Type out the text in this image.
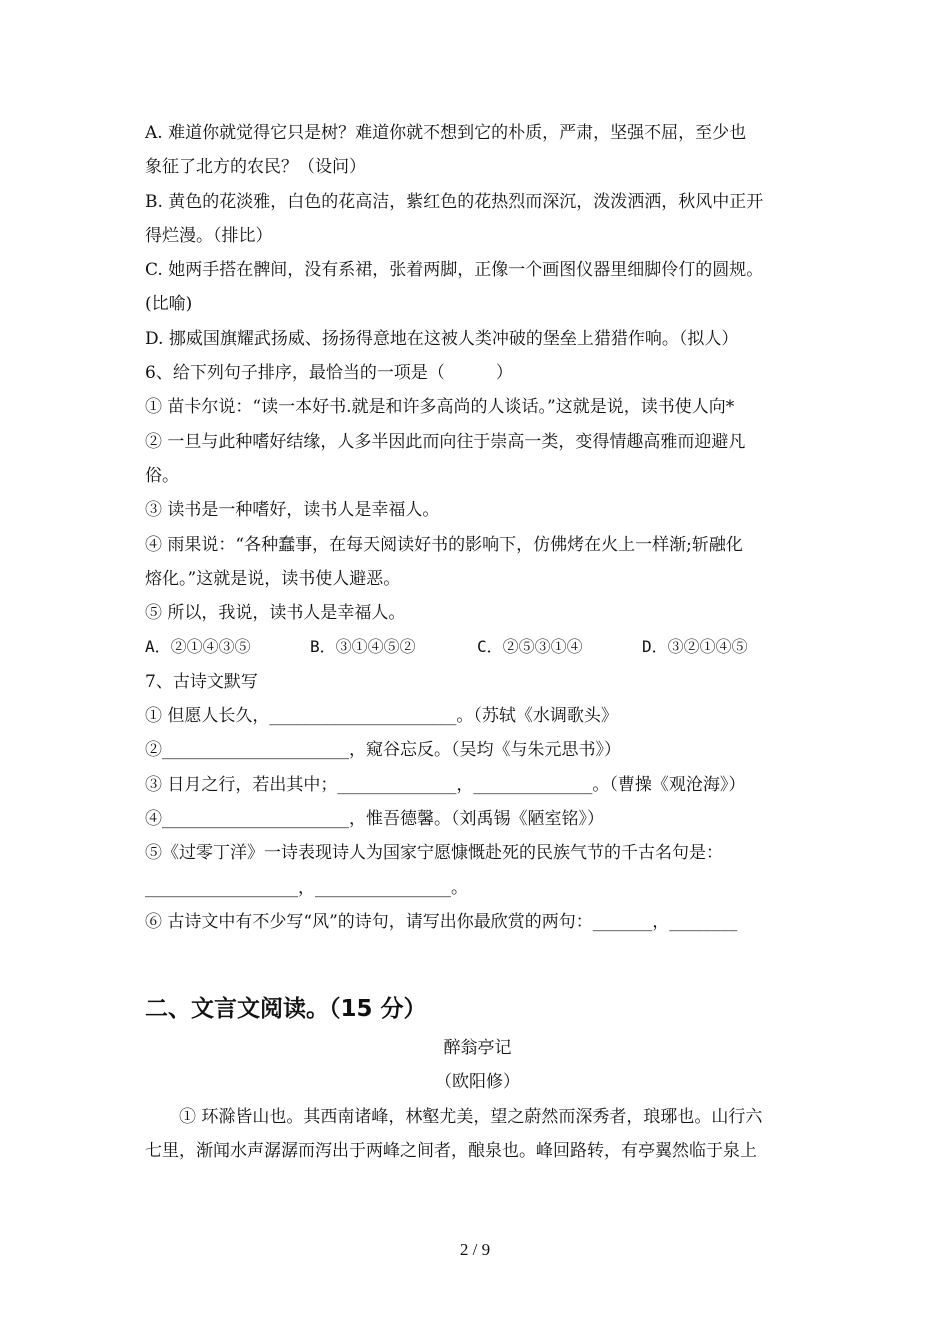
A. 难道你就觉得它只是树？难道你就不想到它的朴质，严肃，坚强不屈，至少也
象征了北方的农民？（设问）
B. 黄色的花淡雅，白色的花高洁，紫红色的花热烈而深沉，泼泼洒洒，秋风中正开
得烂漫。（排比）
C. 她两手搭在髀间，没有系裙，张着两脚，正像一个画图仪器里细脚伶仃的圆规。
(比喻)
D. 挪威国旗耀武扬威、扬扬得意地在这被人类冲破的堡垒上猎猎作响。（拟人）
6、给下列句子排序，最恰当的一项是（　　　）
① 苗卡尔说：“读一本好书.就是和许多高尚的人谈话。”这就是说，读书使人向*
② 一旦与此种嗜好结缘，人多半因此而向往于崇高一类，变得情趣高雅而迎避凡
俗。
③ 读书是一种嗜好，读书人是幸福人。
④ 雨果说：“各种蠢事，在每天阅读好书的影响下，仿佛烤在火上一样渐;斩融化
熔化。”这就是说，读书使人避恶。
⑤ 所以，我说，读书人是幸福人。
A．②①④③⑤	B．③①④⑤②	C．②⑤③①④	D．③②①④⑤
7、古诗文默写
① 但愿人长久，______________________。（苏轼《水调歌头》
②______________________，窥谷忘反。（吴均《与朱元思书》）
③ 日月之行，若出其中；______________，______________。（曹操《观沧海》）
④______________________，惟吾德馨。（刘禹锡《陋室铭》）
⑤《过零丁洋》一诗表现诗人为国家宁愿慷慨赴死的民族气节的千古名句是：
__________________，________________。
⑥ 古诗文中有不少写“风”的诗句，请写出你最欣赏的两句：_______，________
二、文言文阅读。（15 分）
醉翁亭记
（欧阳修）
① 环滁皆山也。其西南诸峰，林壑尤美，望之蔚然而深秀者，琅琊也。山行六
七里，渐闻水声潺潺而泻出于两峰之间者，酿泉也。峰回路转，有亭翼然临于泉上
2 / 9
